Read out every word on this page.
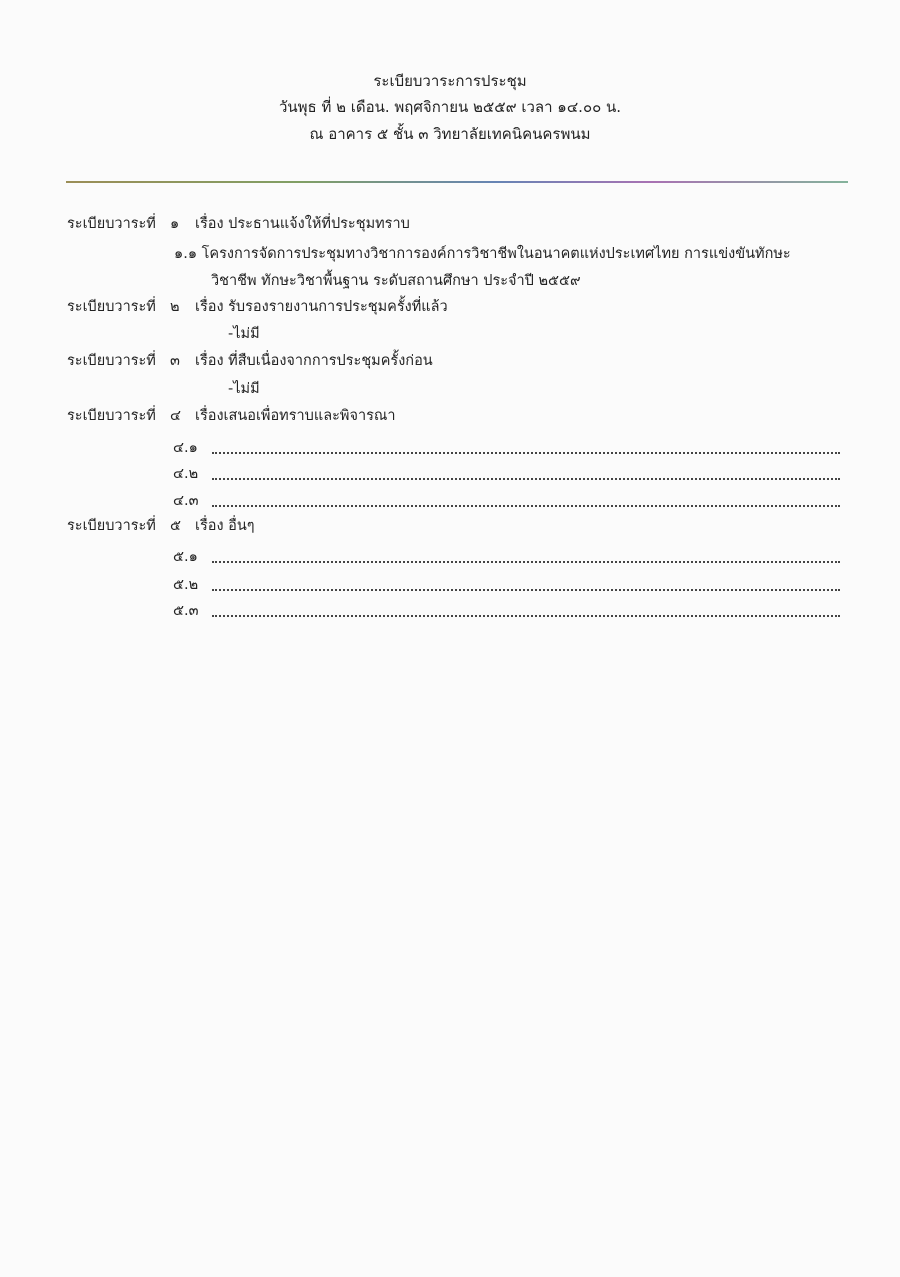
ระเบียบวาระการประชุม
วันพุธ ที่ ๒ เดือน. พฤศจิกายน ๒๕๕๙ เวลา ๑๔.๐๐ น.
ณ อาคาร ๕ ชั้น ๓ วิทยาลัยเทคนิคนครพนม
ระเบียบวาระที่ ๑ เรื่อง ประธานแจ้งให้ที่ประชุมทราบ
๑.๑ โครงการจัดการประชุมทางวิชาการองค์การวิชาชีพในอนาคตแห่งประเทศไทย การแข่งขันทักษะ
วิชาชีพ ทักษะวิชาพื้นฐาน ระดับสถานศึกษา ประจำปี ๒๕๕๙
ระเบียบวาระที่ ๒ เรื่อง รับรองรายงานการประชุมครั้งที่แล้ว
-ไม่มี
ระเบียบวาระที่ ๓ เรื่อง ที่สืบเนื่องจากการประชุมครั้งก่อน
-ไม่มี
ระเบียบวาระที่ ๔ เรื่องเสนอเพื่อทราบและพิจารณา
๔.๑
๔.๒
๔.๓
ระเบียบวาระที่ ๕ เรื่อง อื่นๆ
๕.๑
๕.๒
๕.๓
